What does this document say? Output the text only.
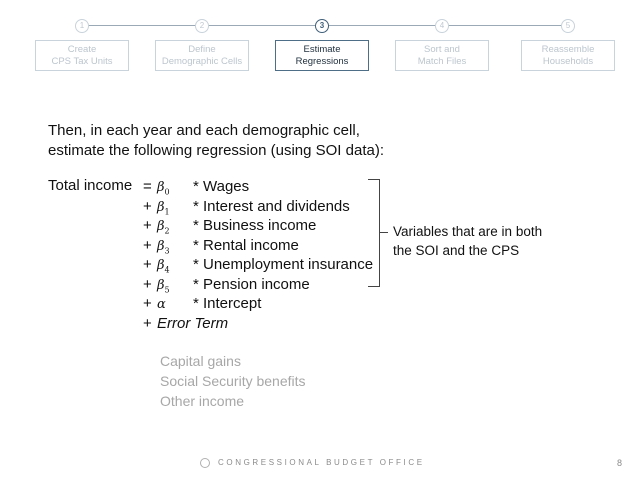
1
Create
CPS Tax Units
2
Define
Demographic Cells
3
Estimate
Regressions
4
Sort and
Match Files
5
Reassemble
Households
Then, in each year and each demographic cell,
estimate the following regression (using SOI data):
Total income = $\beta_0$ * Wages
+ $\beta_1$ * Interest and dividends
+ $\beta_2$ * Business income
+ $\beta_3$ * Rental income
+ $\beta_4$ * Unemployment insurance
+ $\beta_5$ * Pension income
+ α * Intercept
+ Error Term
Variables that are in both
the SOI and the CPS
Capital gains
Social Security benefits
Other income
CONGRESSIONAL BUDGET OFFICE	8
